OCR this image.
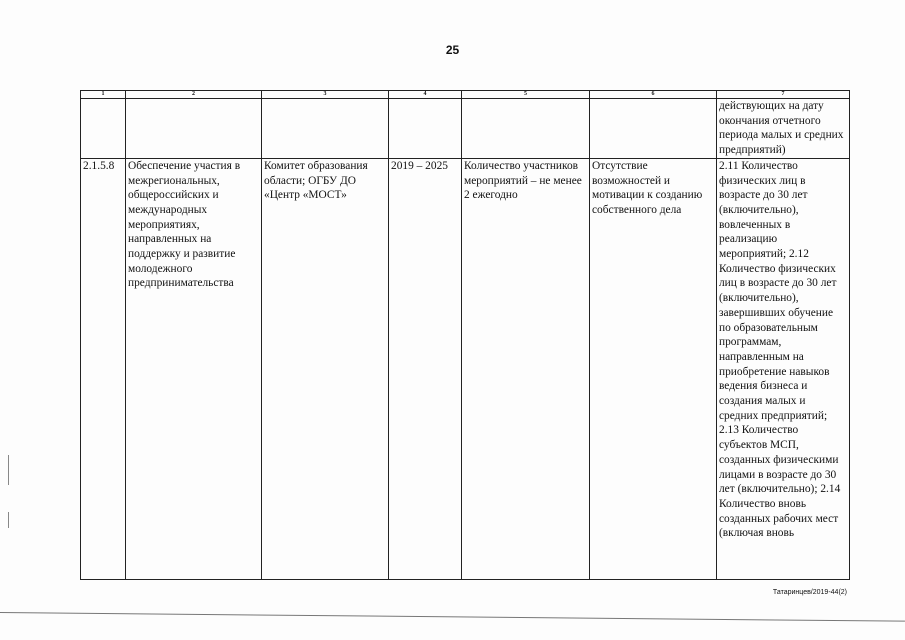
25
1	2	3	4	5	6	7
						действующих на дату окончания отчетного периода малых и средних предприятий)
2.1.5.8	Обеспечение участия в межрегиональных, общероссийских и международных мероприятиях, направленных на поддержку и развитие молодежного предпринимательства	Комитет образования области; ОГБУ ДО «Центр «МОСТ»	2019 – 2025	Количество участников мероприятий – не менее 2 ежегодно	Отсутствие возможностей и мотивации к созданию собственного дела	2.11 Количество физических лиц в возрасте до 30 лет (включительно), вовлеченных в реализацию мероприятий; 2.12 Количество физических лиц в возрасте до 30 лет (включительно), завершивших обучение по образовательным программам, направленным на приобретение навыков ведения бизнеса и создания малых и средних предприятий; 2.13 Количество субъектов МСП, созданных физическими лицами в возрасте до 30 лет (включительно); 2.14 Количество вновь созданных рабочих мест (включая вновь
Татаринцев/2019-44(2)
